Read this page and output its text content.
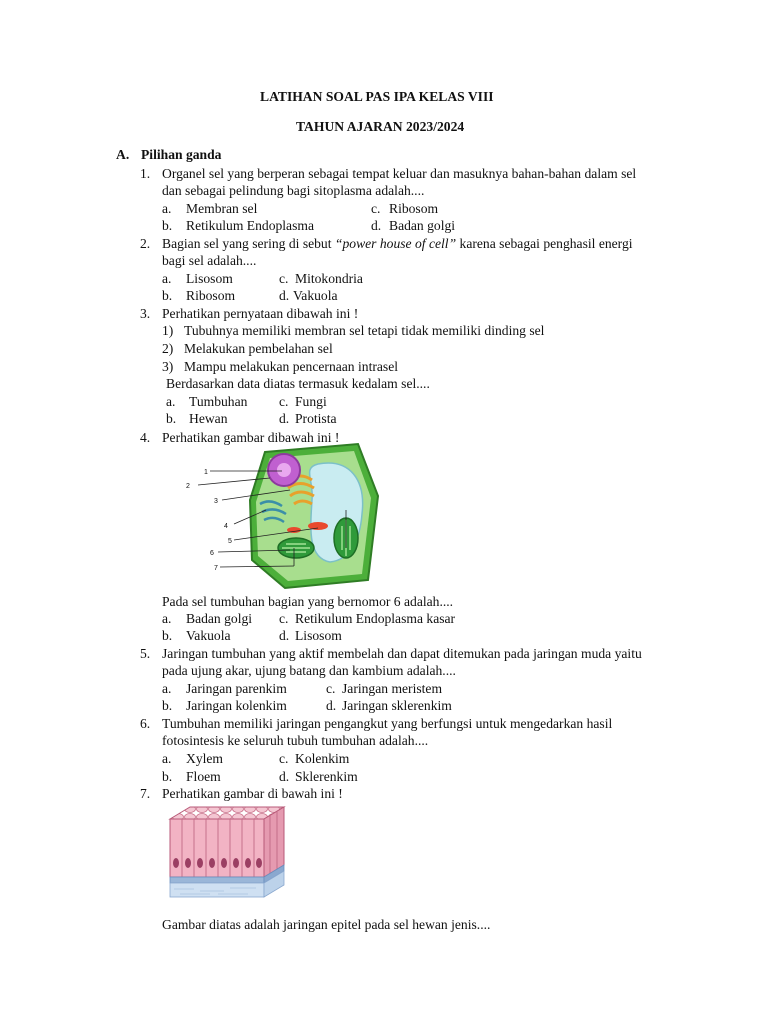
LATIHAN SOAL PAS IPA KELAS VIII
TAHUN AJARAN 2023/2024
A. Pilihan ganda
1. Organel sel yang berperan sebagai tempat keluar dan masuknya bahan-bahan dalam sel
dan sebagai pelindung bagi sitoplasma adalah....
a. Membran sel	c. Ribosom
b. Retikulum Endoplasma	d. Badan golgi
2. Bagian sel yang sering di sebut “power house of cell” karena sebagai penghasil energi
bagi sel adalah....
a. Lisosom	c. Mitokondria
b. Ribosom	d. Vakuola
3. Perhatikan pernyataan dibawah ini !
1) Tubuhnya memiliki membran sel tetapi tidak memiliki dinding sel
2) Melakukan pembelahan sel
3) Mampu melakukan pencernaan intrasel
Berdasarkan data diatas termasuk kedalam sel....
a. Tumbuhan c. Fungi
b. Hewan	d. Protista
4. Perhatikan gambar dibawah ini !
1
2
3
4
5
6
7
Pada sel tumbuhan bagian yang bernomor 6 adalah....
a. Badan golgi c. Retikulum Endoplasma kasar
b. Vakuola	d. Lisosom
5. Jaringan tumbuhan yang aktif membelah dan dapat ditemukan pada jaringan muda yaitu
pada ujung akar, ujung batang dan kambium adalah....
a. Jaringan parenkim	c. Jaringan meristem
b. Jaringan kolenkim	d. Jaringan sklerenkim
6. Tumbuhan memiliki jaringan pengangkut yang berfungsi untuk mengedarkan hasil
fotosintesis ke seluruh tubuh tumbuhan adalah....
a. Xylem	c. Kolenkim
b. Floem	d. Sklerenkim
7. Perhatikan gambar di bawah ini !
Gambar diatas adalah jaringan epitel pada sel hewan jenis....
